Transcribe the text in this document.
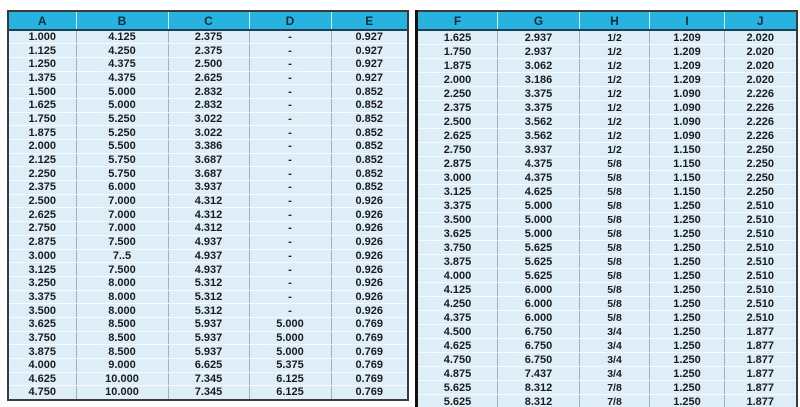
A	B	C	D	E
1.000	4.125	2.375	-	0.927
1.125	4.250	2.375	-	0.927
1.250	4.375	2.500	-	0.927
1.375	4.375	2.625	-	0.927
1.500	5.000	2.832	-	0.852
1.625	5.000	2.832	-	0.852
1.750	5.250	3.022	-	0.852
1.875	5.250	3.022	-	0.852
2.000	5.500	3.386	-	0.852
2.125	5.750	3.687	-	0.852
2.250	5.750	3.687	-	0.852
2.375	6.000	3.937	-	0.852
2.500	7.000	4.312	-	0.926
2.625	7.000	4.312	-	0.926
2.750	7.000	4.312	-	0.926
2.875	7.500	4.937	-	0.926
3.000	7..5	4.937	-	0.926
3.125	7.500	4.937	-	0.926
3.250	8.000	5.312	-	0.926
3.375	8.000	5.312	-	0.926
3.500	8.000	5.312	-	0.926
3.625	8.500	5.937	5.000	0.769
3.750	8.500	5.937	5.000	0.769
3.875	8.500	5.937	5.000	0.769
4.000	9.000	6.625	5.375	0.769
4.625	10.000	7.345	6.125	0.769
4.750	10.000	7.345	6.125	0.769
F	G	H	I	J
1.625	2.937	1/2	1.209	2.020
1.750	2.937	1/2	1.209	2.020
1.875	3.062	1/2	1.209	2.020
2.000	3.186	1/2	1.209	2.020
2.250	3.375	1/2	1.090	2.226
2.375	3.375	1/2	1.090	2.226
2.500	3.562	1/2	1.090	2.226
2.625	3.562	1/2	1.090	2.226
2.750	3.937	1/2	1.150	2.250
2.875	4.375	5/8	1.150	2.250
3.000	4.375	5/8	1.150	2.250
3.125	4.625	5/8	1.150	2.250
3.375	5.000	5/8	1.250	2.510
3.500	5.000	5/8	1.250	2.510
3.625	5.000	5/8	1.250	2.510
3.750	5.625	5/8	1.250	2.510
3.875	5.625	5/8	1.250	2.510
4.000	5.625	5/8	1.250	2.510
4.125	6.000	5/8	1.250	2.510
4.250	6.000	5/8	1.250	2.510
4.375	6.000	5/8	1.250	2.510
4.500	6.750	3/4	1.250	1.877
4.625	6.750	3/4	1.250	1.877
4.750	6.750	3/4	1.250	1.877
4.875	7.437	3/4	1.250	1.877
5.625	8.312	7/8	1.250	1.877
5.625	8.312	7/8	1.250	1.877
